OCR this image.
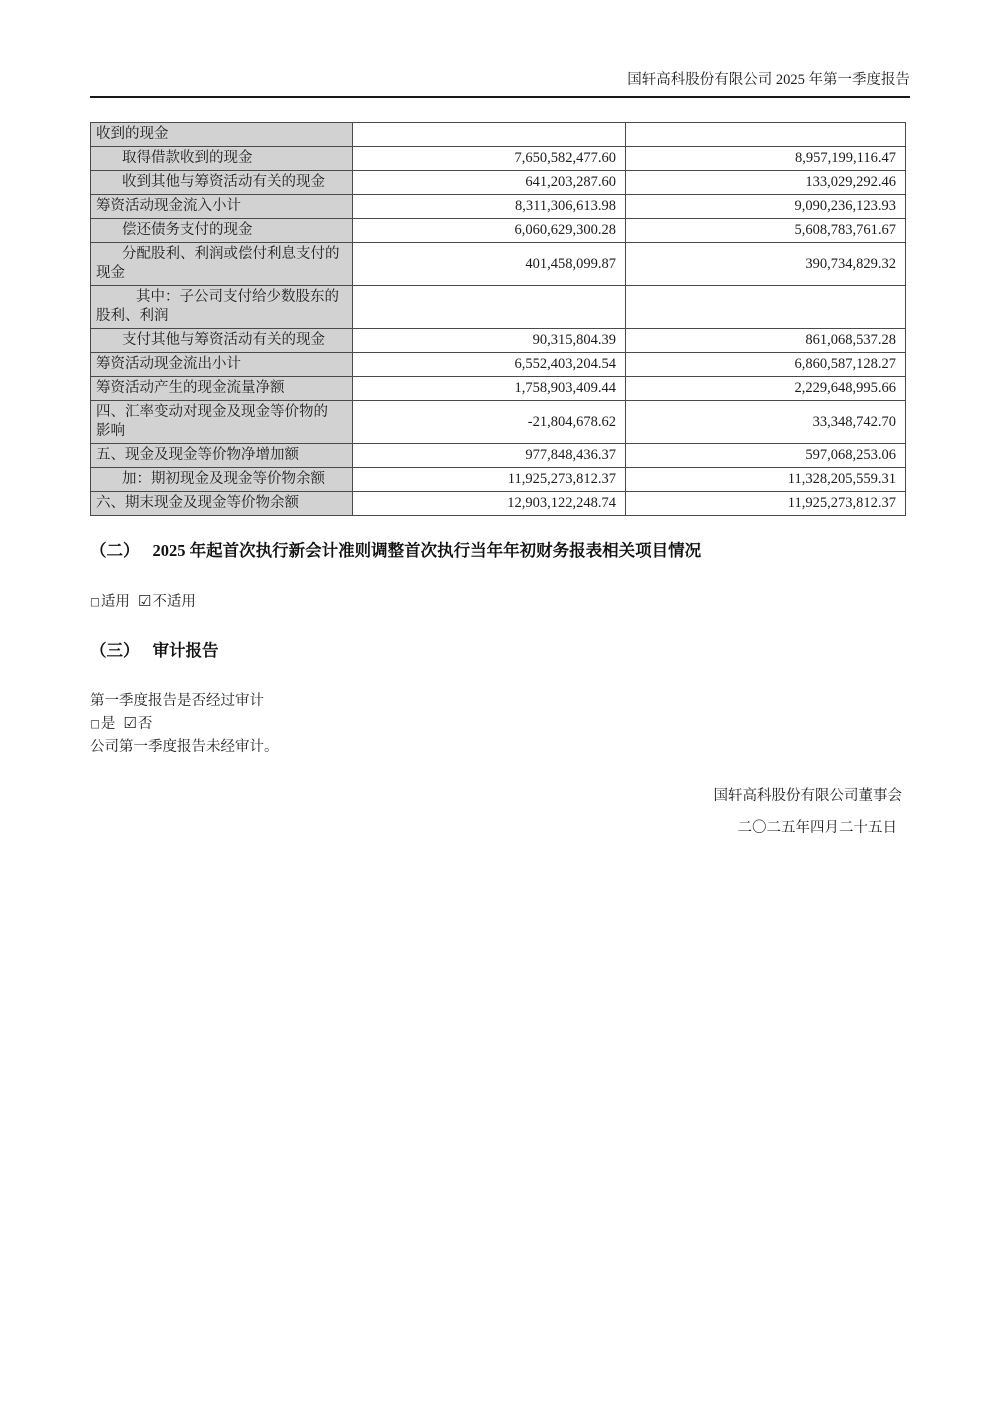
国轩高科股份有限公司 2025 年第一季度报告
收到的现金		
取得借款收到的现金	7,650,582,477.60	8,957,199,116.47
收到其他与筹资活动有关的现金	641,203,287.60	133,029,292.46
筹资活动现金流入小计	8,311,306,613.98	9,090,236,123.93
偿还债务支付的现金	6,060,629,300.28	5,608,783,761.67
分配股利、利润或偿付利息支付的现金	401,458,099.87	390,734,829.32
其中：子公司支付给少数股东的股利、利润		
支付其他与筹资活动有关的现金	90,315,804.39	861,068,537.28
筹资活动现金流出小计	6,552,403,204.54	6,860,587,128.27
筹资活动产生的现金流量净额	1,758,903,409.44	2,229,648,995.66
四、汇率变动对现金及现金等价物的影响	-21,804,678.62	33,348,742.70
五、现金及现金等价物净增加额	977,848,436.37	597,068,253.06
加：期初现金及现金等价物余额	11,925,273,812.37	11,328,205,559.31
六、期末现金及现金等价物余额	12,903,122,248.74	11,925,273,812.37
（二） 2025 年起首次执行新会计准则调整首次执行当年年初财务报表相关项目情况
□适用 ☑不适用
（三） 审计报告
第一季度报告是否经过审计
□是 ☑否
公司第一季度报告未经审计。
国轩高科股份有限公司董事会
二〇二五年四月二十五日
